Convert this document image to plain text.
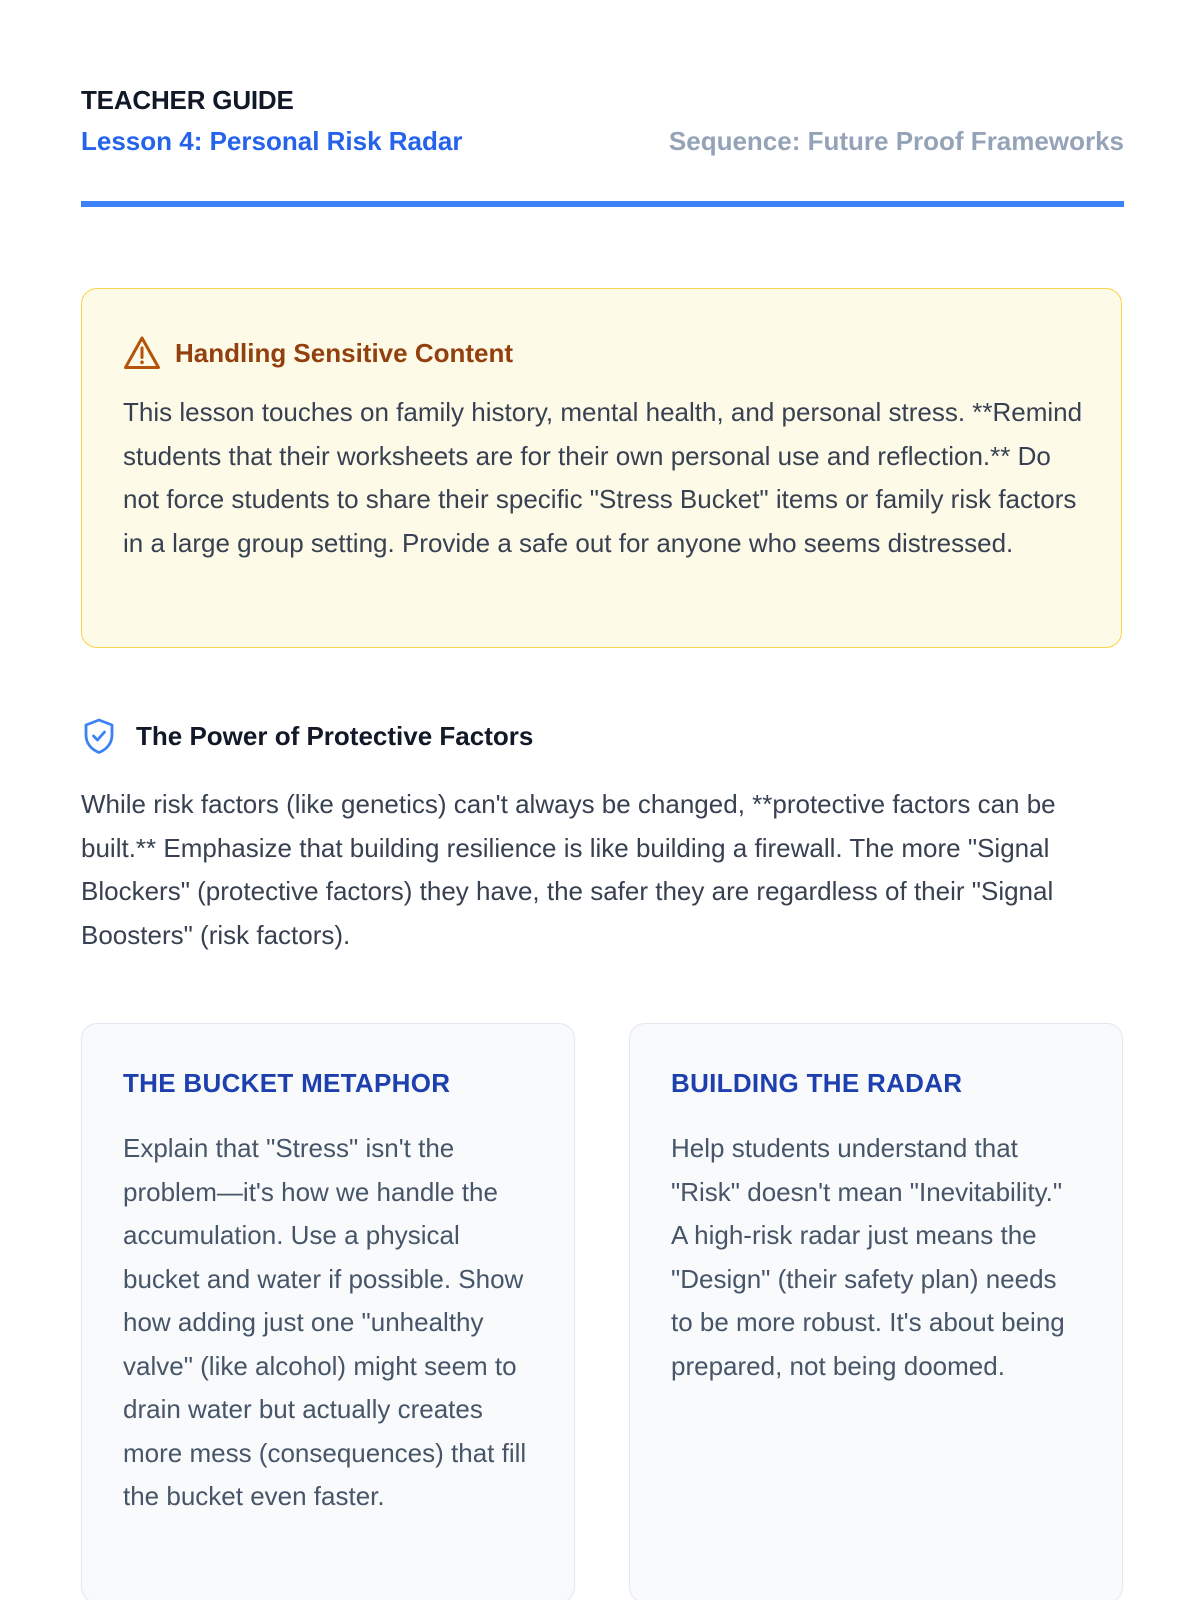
TEACHER GUIDE
Lesson 4: Personal Risk Radar	Sequence: Future Proof Frameworks
Handling Sensitive Content

This lesson touches on family history, mental health, and personal stress. **Remind students that their worksheets are for their own personal use and reflection.** Do not force students to share their specific "Stress Bucket" items or family risk factors in a large group setting. Provide a safe out for anyone who seems distressed.

The Power of Protective Factors

While risk factors (like genetics) can't always be changed, **protective factors can be built.** Emphasize that building resilience is like building a firewall. The more "Signal Blockers" (protective factors) they have, the safer they are regardless of their "Signal Boosters" (risk factors).

THE BUCKET METAPHOR

Explain that "Stress" isn't the problem—it's how we handle the accumulation. Use a physical bucket and water if possible. Show how adding just one "unhealthy valve" (like alcohol) might seem to drain water but actually creates more mess (consequences) that fill the bucket even faster.

BUILDING THE RADAR

Help students understand that "Risk" doesn't mean "Inevitability." A high-risk radar just means the "Design" (their safety plan) needs to be more robust. It's about being prepared, not being doomed.
